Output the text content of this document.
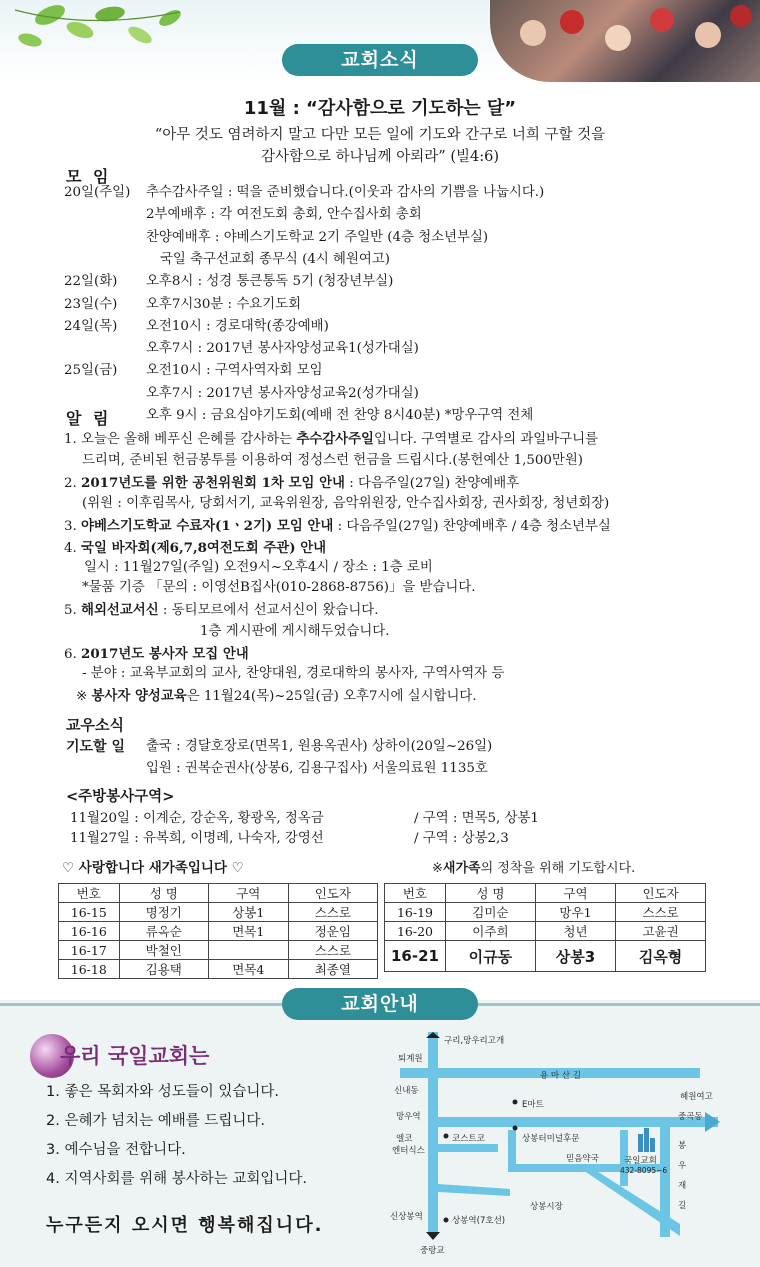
교회소식
11월 : “감사함으로 기도하는 달”
“아무 것도 염려하지 말고 다만 모든 일에 기도와 간구로 너희 구할 것을
감사함으로 하나님께 아뢰라” (빌4:6)
모 임
20일(주일) 추수감사주일 : 떡을 준비했습니다.(이웃과 감사의 기쁨을 나눕시다.)
2부예배후 : 각 여전도회 총회, 안수집사회 총회
찬양예배후 : 야베스기도학교 2기 주일반 (4층 청소년부실)
국일 축구선교회 종무식 (4시 혜원여고)
22일(화) 오후8시 : 성경 통큰통독 5기 (청장년부실)
23일(수) 오후7시30분 : 수요기도회
24일(목) 오전10시 : 경로대학(종강예배)
오후7시 : 2017년 봉사자양성교육1(성가대실)
25일(금) 오전10시 : 구역사역자회 모임
오후7시 : 2017년 봉사자양성교육2(성가대실)
오후 9시 : 금요심야기도회(예배 전 찬양 8시40분) *망우구역 전체
알 림
1. 오늘은 올해 베푸신 은혜를 감사하는 추수감사주일입니다. 구역별로 감사의 과일바구니를
드리며, 준비된 헌금봉투를 이용하여 정성스런 헌금을 드립시다.(봉헌예산 1,500만원)
2. 2017년도를 위한 공천위원회 1차 모임 안내 : 다음주일(27일) 찬양예배후
(위원 : 이후림목사, 당회서기, 교육위원장, 음악위원장, 안수집사회장, 권사회장, 청년회장)
3. 야베스기도학교 수료자(1ㆍ2기) 모임 안내 : 다음주일(27일) 찬양예배후 / 4층 청소년부실
4. 국일 바자회(제6,7,8여전도회 주관) 안내
일시 : 11월27일(주일) 오전9시~오후4시 / 장소 : 1층 로비
*물품 기증 「문의 : 이영선B집사(010-2868-8756)」을 받습니다.
5. 해외선교서신 : 동티모르에서 선교서신이 왔습니다.
1층 게시판에 게시해두었습니다.
6. 2017년도 봉사자 모집 안내
- 분야 : 교육부교회의 교사, 찬양대원, 경로대학의 봉사자, 구역사역자 등
※ 봉사자 양성교육은 11월24(목)~25일(금) 오후7시에 실시합니다.
교우소식
기도할 일 출국 : 경달호장로(면목1, 원용옥권사) 상하이(20일~26일)
입원 : 권복순권사(상봉6, 김용구집사) 서울의료원 1135호
<주방봉사구역>
11월20일 : 이계순, 강순옥, 황광옥, 정옥금	/ 구역 : 면목5, 상봉1
11월27일 : 유복희, 이명례, 나숙자, 강영선	/ 구역 : 상봉2,3
♡ 사랑합니다 새가족입니다 ♡	※새가족의 정착을 위해 기도합시다.
번호	성 명	구역	인도자
16-15	명정기	상봉1	스스로
16-16	류옥순	면목1	정운임
16-17	박철인		스스로
16-18	김용택	면목4	최종열
번호	성 명	구역	인도자
16-19	김미순	망우1	스스로
16-20	이주희	청년	고윤권
16-21	이규동	상봉3	김옥형
교회안내
우리 국일교회는
1. 좋은 목회자와 성도들이 있습니다.
2. 은혜가 넘치는 예배를 드립니다.
3. 예수님을 전합니다.
4. 지역사회를 위해 봉사하는 교회입니다.
누구든지 오시면 행복해집니다.
구리,망우리고개
퇴계원
용 마 산 길
신내동
E마트
혜원여고
중곡동
망우역
엘코
엔터식스
코스트코	상봉터미널후문
국일교회
432-8095~6
믿음약국
봉 우 재 길
상봉시장
신상봉역	상봉역(7호선)
중랑교
